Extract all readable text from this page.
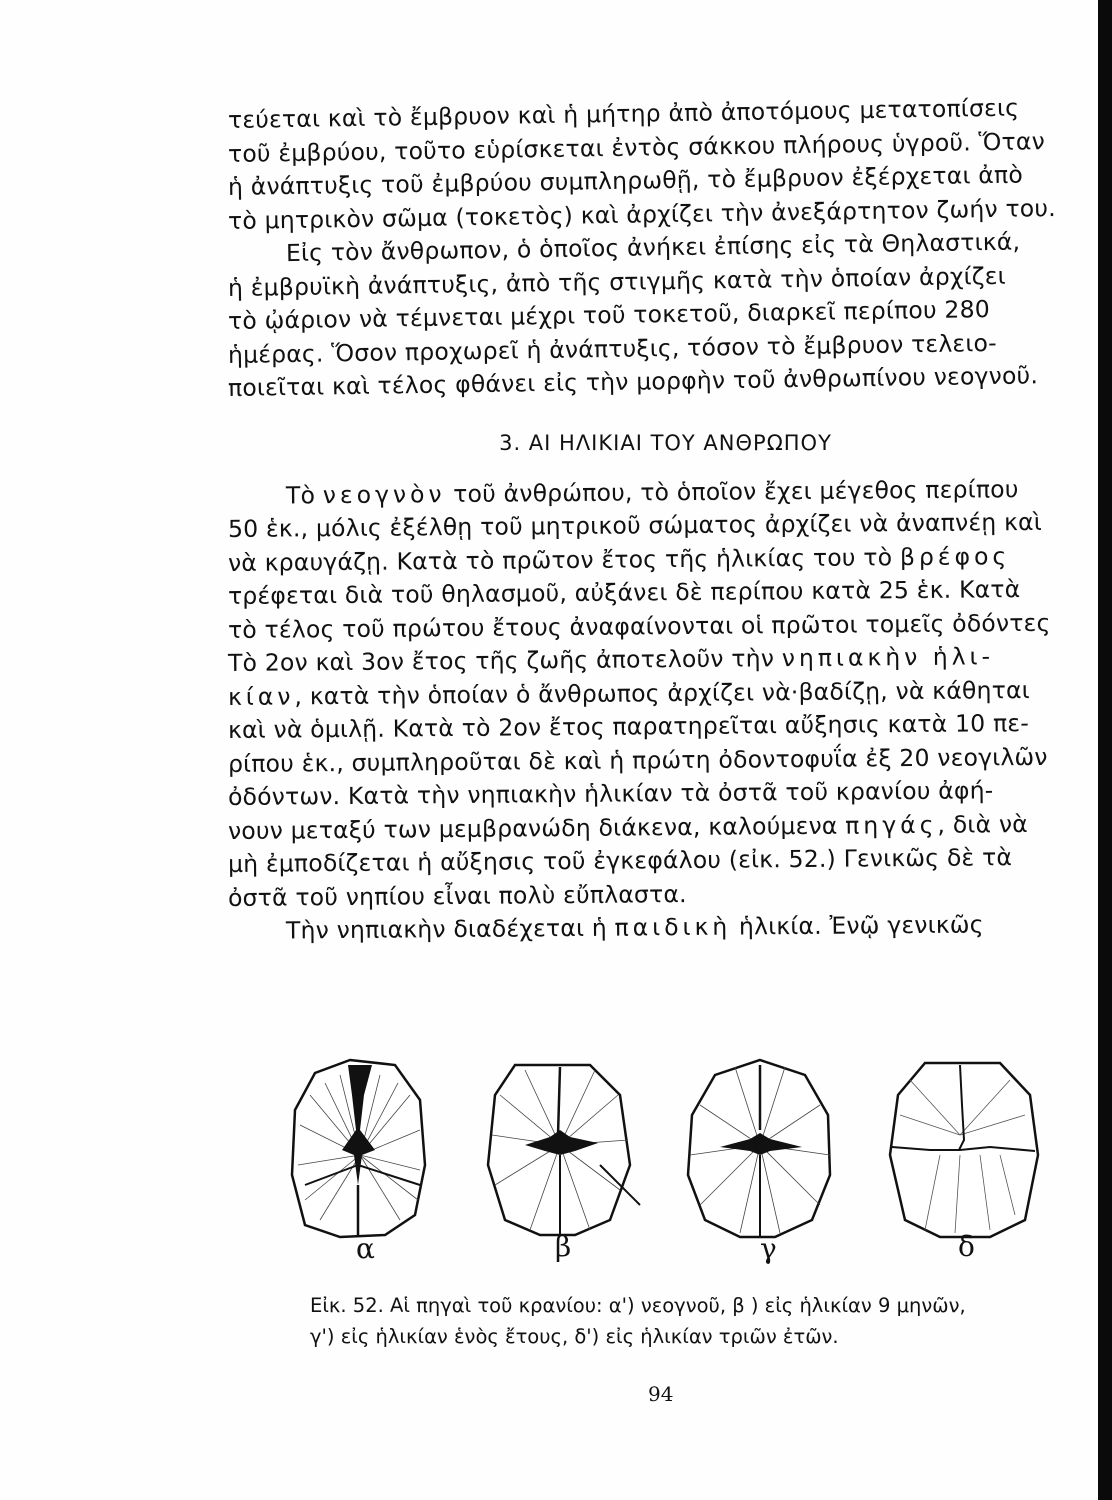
τεύεται καὶ τὸ ἔμβρυον καὶ ἡ μήτηρ ἀπὸ ἀποτόμους μετατοπίσεις
τοῦ ἐμβρύου, τοῦτο εὑρίσκεται ἐντὸς σάκκου πλήρους ὑγροῦ. Ὅταν
ἡ ἀνάπτυξις τοῦ ἐμβρύου συμπληρωθῇ, τὸ ἔμβρυον ἐξέρχεται ἀπὸ
τὸ μητρικὸν σῶμα (τοκετὸς) καὶ ἀρχίζει τὴν ἀνεξάρτητον ζωήν του.
Εἰς τὸν ἄνθρωπον, ὁ ὁποῖος ἀνήκει ἐπίσης εἰς τὰ Θηλαστικά,
ἡ ἐμβρυϊκὴ ἀνάπτυξις, ἀπὸ τῆς στιγμῆς κατὰ τὴν ὁποίαν ἀρχίζει
τὸ ᾠάριον νὰ τέμνεται μέχρι τοῦ τοκετοῦ, διαρκεῖ περίπου 280
ἡμέρας. Ὅσον προχωρεῖ ἡ ἀνάπτυξις, τόσον τὸ ἔμβρυον τελειο-
ποιεῖται καὶ τέλος φθάνει εἰς τὴν μορφὴν τοῦ ἀνθρωπίνου νεογνοῦ.
3. ΑΙ ΗΛΙΚΙΑΙ ΤΟΥ ΑΝΘΡΩΠΟΥ
Τὸ νεογνὸν τοῦ ἀνθρώπου, τὸ ὁποῖον ἔχει μέγεθος περίπου
50 ἑκ., μόλις ἐξέλθῃ τοῦ μητρικοῦ σώματος ἀρχίζει νὰ ἀναπνέῃ καὶ
νὰ κραυγάζῃ. Κατὰ τὸ πρῶτον ἔτος τῆς ἡλικίας του τὸ βρέφος
τρέφεται διὰ τοῦ θηλασμοῦ, αὐξάνει δὲ περίπου κατὰ 25 ἑκ. Κατὰ
τὸ τέλος τοῦ πρώτου ἔτους ἀναφαίνονται οἱ πρῶτοι τομεῖς ὀδόντες
Τὸ 2ον καὶ 3ον ἔτος τῆς ζωῆς ἀποτελοῦν τὴν νηπιακὴν ἡλι-
κίαν, κατὰ τὴν ὁποίαν ὁ ἄνθρωπος ἀρχίζει νὰ·βαδίζῃ, νὰ κάθηται
καὶ νὰ ὁμιλῇ. Κατὰ τὸ 2ον ἔτος παρατηρεῖται αὔξησις κατὰ 10 πε-
ρίπου ἑκ., συμπληροῦται δὲ καὶ ἡ πρώτη ὀδοντοφυΐα ἐξ 20 νεογιλῶν
ὀδόντων. Κατὰ τὴν νηπιακὴν ἡλικίαν τὰ ὀστᾶ τοῦ κρανίου ἀφή-
νουν μεταξύ των μεμβρανώδη διάκενα, καλούμενα πηγάς, διὰ νὰ
μὴ ἐμποδίζεται ἡ αὔξησις τοῦ ἐγκεφάλου (εἰκ. 52.) Γενικῶς δὲ τὰ
ὀστᾶ τοῦ νηπίου εἶναι πολὺ εὔπλαστα.
Τὴν νηπιακὴν διαδέχεται ἡ παιδικὴ ἡλικία. Ἐνῷ γενικῶς
α	β	γ	δ
Εἰκ. 52. Αἱ πηγαὶ τοῦ κρανίου: α') νεογνοῦ, β ) εἰς ἡλικίαν 9 μηνῶν,
γ') εἰς ἡλικίαν ἑνὸς ἔτους, δ') εἰς ἡλικίαν τριῶν ἐτῶν.
94
